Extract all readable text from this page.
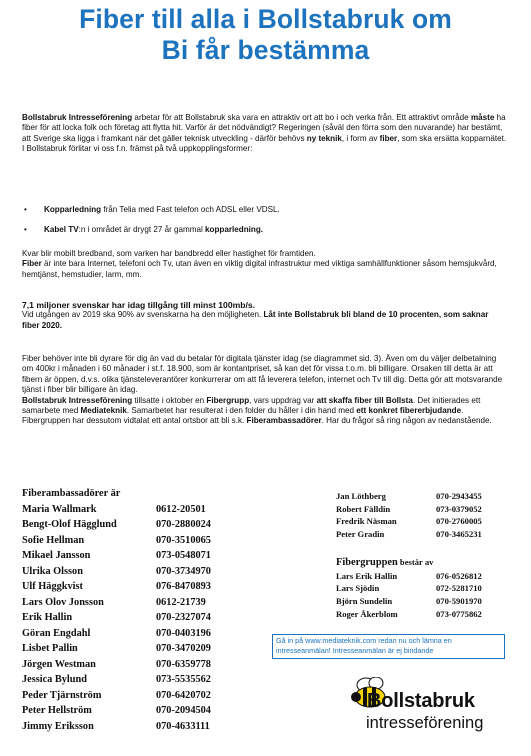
Fiber till alla i Bollstabruk om
Bi får bestämma

Bollstabruk Intresseförening arbetar för att Bollstabruk ska vara en attraktiv ort att bo i och verka från. Ett attraktivt område måste ha fiber för att locka folk och företag att flytta hit. Varför är det nödvändigt? Regeringen (såväl den förra som den nuvarande) har bestämt, att Sverige ska ligga i framkant när det gäller teknisk utveckling - därför behövs ny teknik, i form av fiber, som ska ersätta kopparnätet.

I Bollstabruk förlitar vi oss f.n. främst på två uppkopplingsformer:

• Kopparledning från Telia med Fast telefon och ADSL eller VDSL.

• Kabel TV:n i området är drygt 27 år gammal kopparledning.

Kvar blir mobilt bredband, som varken har bandbredd eller hastighet för framtiden.

Fiber är inte bara Internet, telefoni och Tv, utan även en viktig digital infrastruktur med viktiga samhällfunktioner såsom hemsjukvård, hemtjänst, hemstudier, larm, mm.

7,1 miljoner svenskar har idag tillgång till minst 100mb/s.

Vid utgången av 2019 ska 90% av svenskarna ha den möjligheten. Låt inte Bollstabruk bli bland de 10 procenten, som saknar fiber 2020.

Fiber behöver inte bli dyrare för dig än vad du betalar för digitala tjänster idag (se diagrammet sid. 3). Även om du väljer delbetalning om 400kr i månaden i 60 månader i st.f. 18.900, som är kontantpriset, så kan det för vissa t.o.m. bli billigare. Orsaken till detta är att fibern är öppen, d.v.s. olika tjänsteleverantörer konkurrerar om att få leverera telefon, internet och Tv till dig. Detta gör att motsvarande tjänst i fiber blir billigare än idag.
Bollstabruk Intresseförening tillsatte i oktober en Fibergrupp, vars uppdrag var att skaffa fiber till Bollsta. Det initierades ett samarbete med Mediateknik. Samarbetet har resulterat i den folder du håller i din hand med ett konkret fibererbjudande. Fibergruppen har dessutom vidtalat ett antal ortsbor att bli s.k. Fiberambassadörer. Har du frågor så ring någon av nedanstående.

Fiberambassadörer är
Maria Wallmark	0612-20501
Bengt-Olof Hägglund	070-2880024
Sofie Hellman	070-3510065
Mikael Jansson	073-0548071
Ulrika Olsson	070-3734970
Ulf Häggkvist	076-8470893
Lars Olov Jonsson	0612-21739
Erik Hallin	070-2327074
Göran Engdahl	070-0403196
Lisbet Pallin	070-3470209
Jörgen Westman	070-6359778
Jessica Bylund	073-5535562
Peder Tjärnström	070-6420702
Peter Hellström	070-2094504
Jimmy Eriksson	070-4633111
Jan Löthberg	070-2943455
Robert Fälldin	073-0379052
Fredrik Näsman	070-2760005
Peter Gradin	070-3465231
Fibergruppen består av
Lars Erik Hallin	076-0526812
Lars Sjödin	072-5281710
Björn Sundelin	070-5901970
Roger Åkerblom	073-0775862
Gå in på www.mediateknik.com redan nu och lämna en intresseanmälan! Intresseanmälan är ej bindande
Bollstabruk
intresseförening
